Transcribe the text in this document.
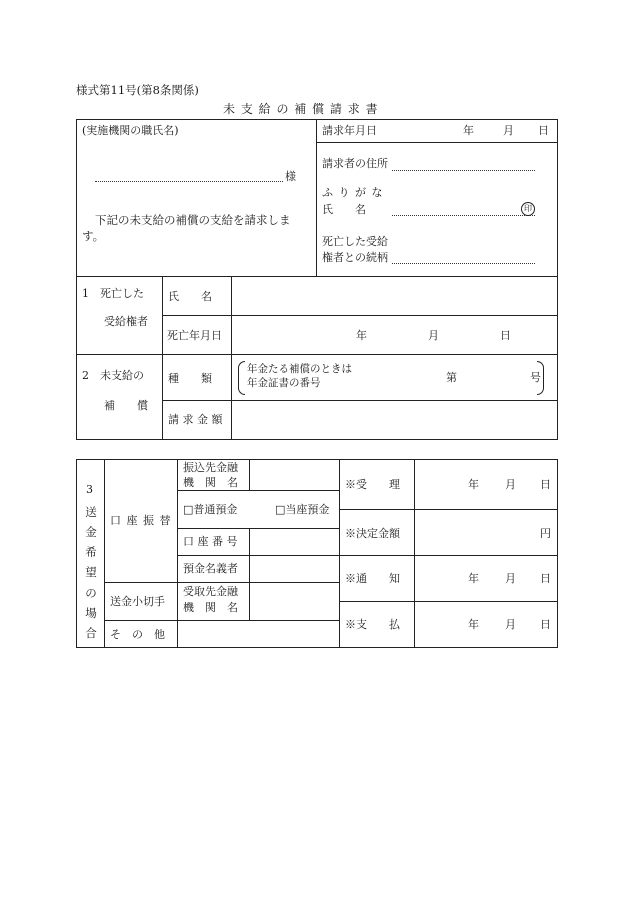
様式第11号(第8条関係)
未 支 給 の 補 償 請 求 書
(実施機関の職氏名)
様
下記の未支給の補償の支給を請求しま
す。
請求年月日	年	月 日
請求者の住所
ふ り が な
氏　　名	印
死亡した受給
権者との続柄
1　死亡した
受給権者
氏　　名
死亡年月日	年	月	日
2　未支給の
補　　償
種　　類
年金たる補償のときは
年金証書の番号	第	号
請 求 金 額
3
送
金
希
望
の
場
合
口 座 振 替
振込先金融
機　関　名
□普通預金	□当座預金
口 座 番 号
預金名義者
送金小切手
受取先金融
機　関　名
そ　の　他
※受　　理	年 月 日
※決定金額	円
※通　　知	年 月 日
※支　　払	年 月 日
